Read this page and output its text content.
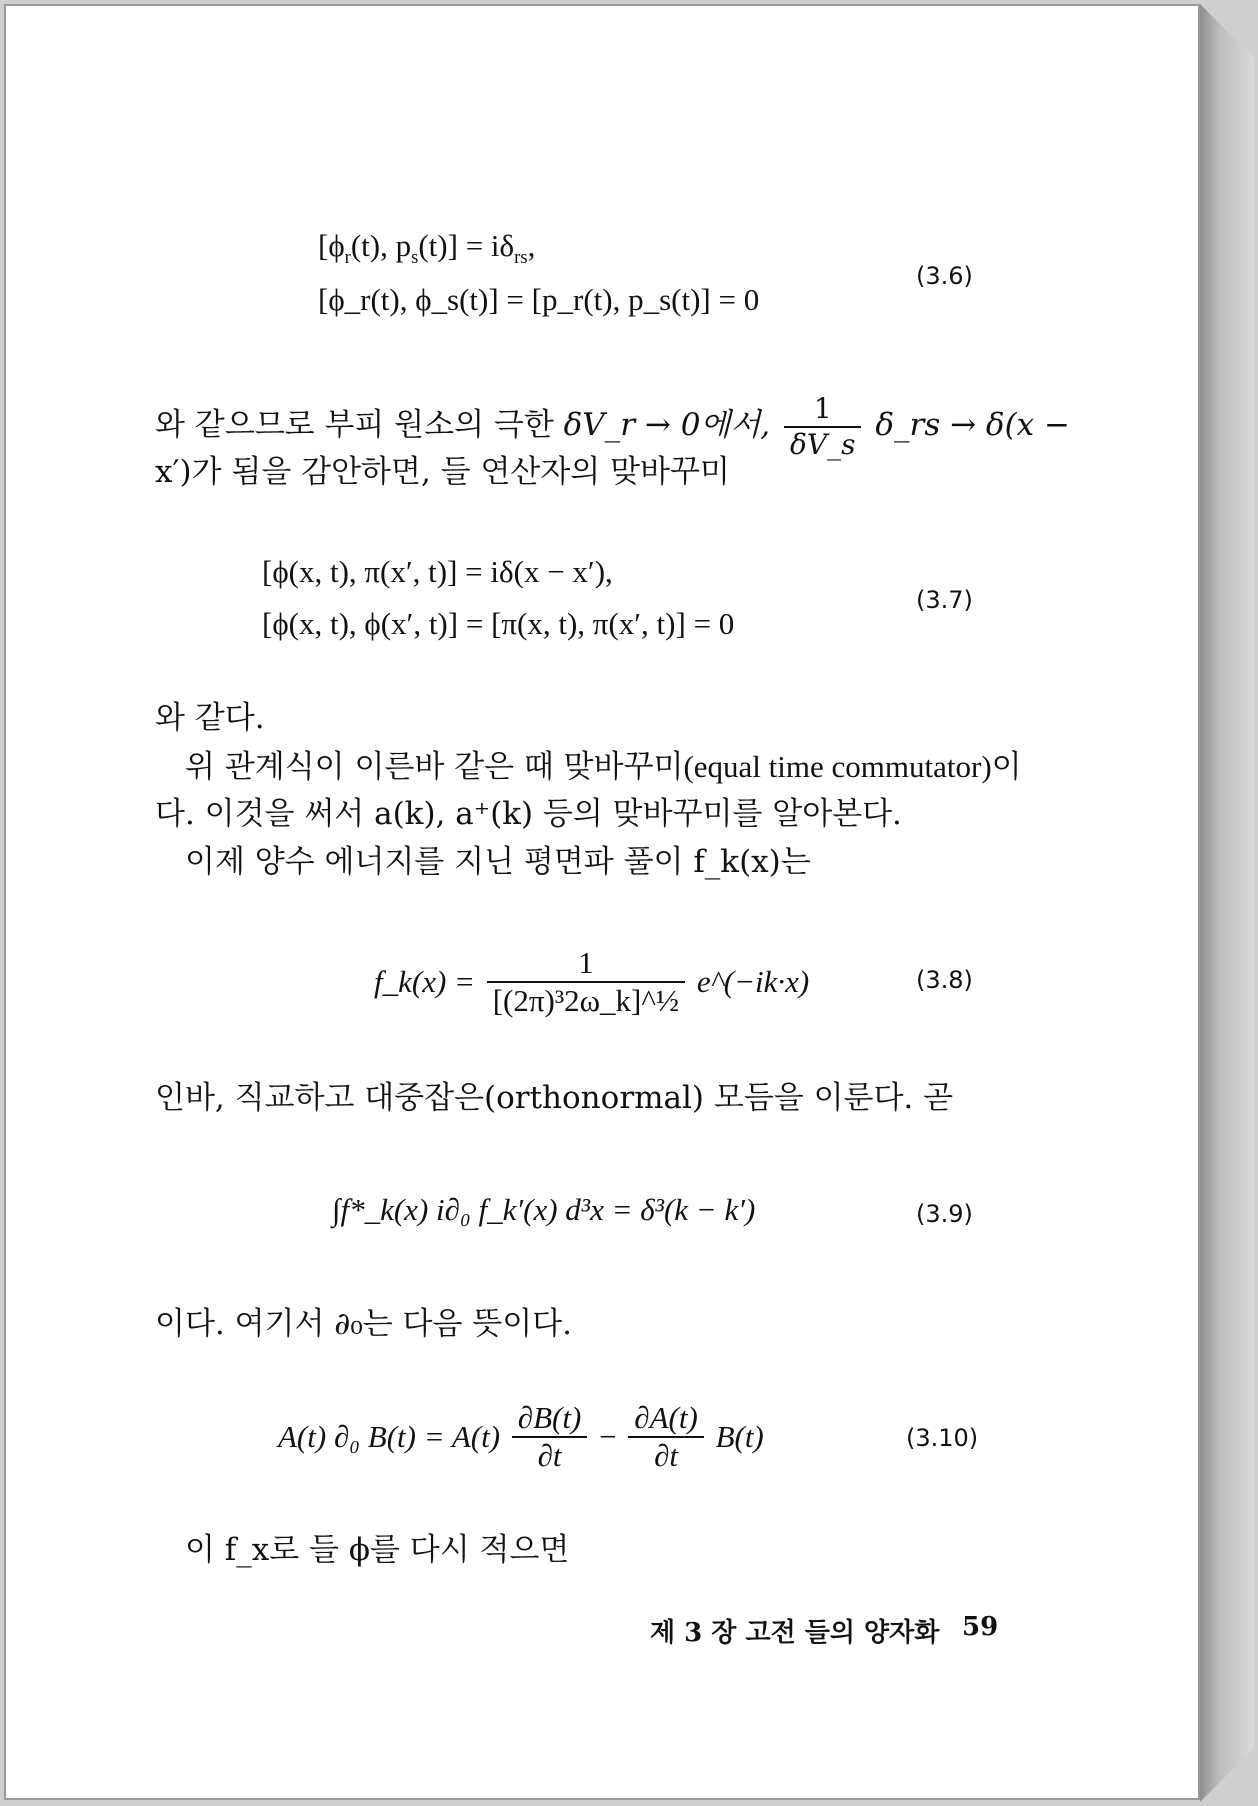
[$\phi_r(t)$, $p_s(t)] = i\delta_{rs}$,
[ϕ_r(t), ϕ_s(t)] = [p_r(t), p_s(t)] = 0
(3.6)
와 같으므로 부피 원소의 극한 δV_r → 0에서, $\frac{1}{\delta V\_s}$ δ_rs → δ(x −
x′)가 됨을 감안하면, 들 연산자의 맞바꾸미
[ϕ(x, t), π(x′, t)] = iδ(x − x′),
[ϕ(x, t), ϕ(x′, t)] = [π(x, t), π(x′, t)] = 0
(3.7)
와 같다.
위 관계식이 이른바 같은 때 맞바꾸미(equal time commutator)이
다. 이것을 써서 a(k), a⁺(k) 등의 맞바꾸미를 알아본다.
이제 양수 에너지를 지닌 평면파 풀이 f_k(x)는
f_k(x) = $\frac{1}{\text{[(2π)³2ω\_k]\textasciicircum{}½}}$ e^(−ik·x)	(3.8)
인바, 직교하고 대중잡은(orthonormal) 모듬을 이룬다. 곧
∫f*_k(x) i∂₀ f_k′(x) d³x = δ³(k − k′)	(3.9)
이다. 여기서 ∂₀는 다음 뜻이다.
A(t) ∂₀ $B(t) = A(t) \frac{\partial B(t)}{\partial t} - \frac{\partial A(t)}{\partial t} B(t)$	(3.10)
이 f_x로 들 ϕ를 다시 적으면
제 3 장 고전 들의 양자화 59
